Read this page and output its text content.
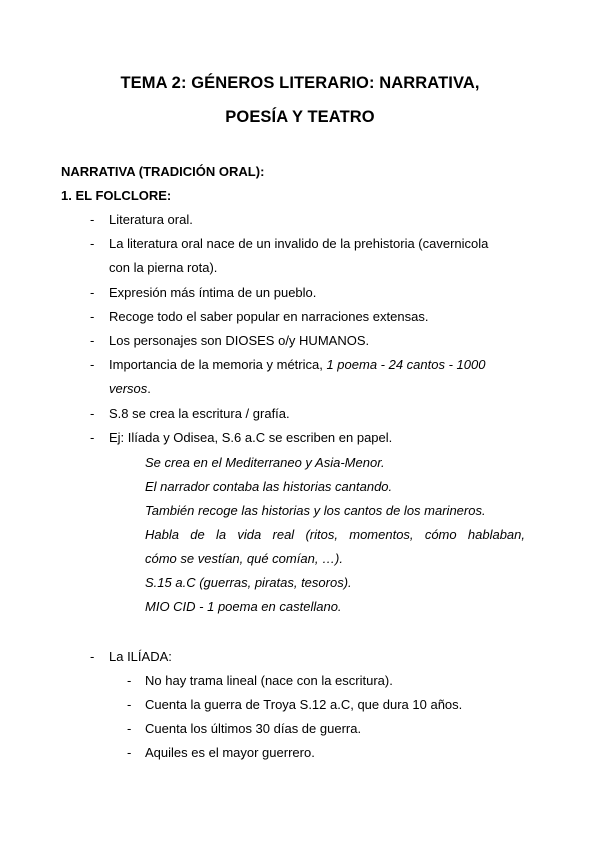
TEMA 2: GÉNEROS LITERARIO: NARRATIVA,
POESÍA Y TEATRO
NARRATIVA (TRADICIÓN ORAL):
1. EL FOLCLORE:
- Literatura oral.
- La literatura oral nace de un invalido de la prehistoria (cavernicola
con la pierna rota).
- Expresión más íntima de un pueblo.
- Recoge todo el saber popular en narraciones extensas.
- Los personajes son DIOSES o/y HUMANOS.
- Importancia de la memoria y métrica, 1 poema - 24 cantos - 1000
versos.
- S.8 se crea la escritura / grafía.
- Ej: Ilíada y Odisea, S.6 a.C se escriben en papel.
Se crea en el Mediterraneo y Asia-Menor.
El narrador contaba las historias cantando.
También recoge las historias y los cantos de los marineros.
Habla de la vida real (ritos, momentos, cómo hablaban,
cómo se vestían, qué comían, …).
S.15 a.C (guerras, piratas, tesoros).
MIO CID - 1 poema en castellano.
- La ILÍADA:
- No hay trama lineal (nace con la escritura).
- Cuenta la guerra de Troya S.12 a.C, que dura 10 años.
- Cuenta los últimos 30 días de guerra.
- Aquiles es el mayor guerrero.
